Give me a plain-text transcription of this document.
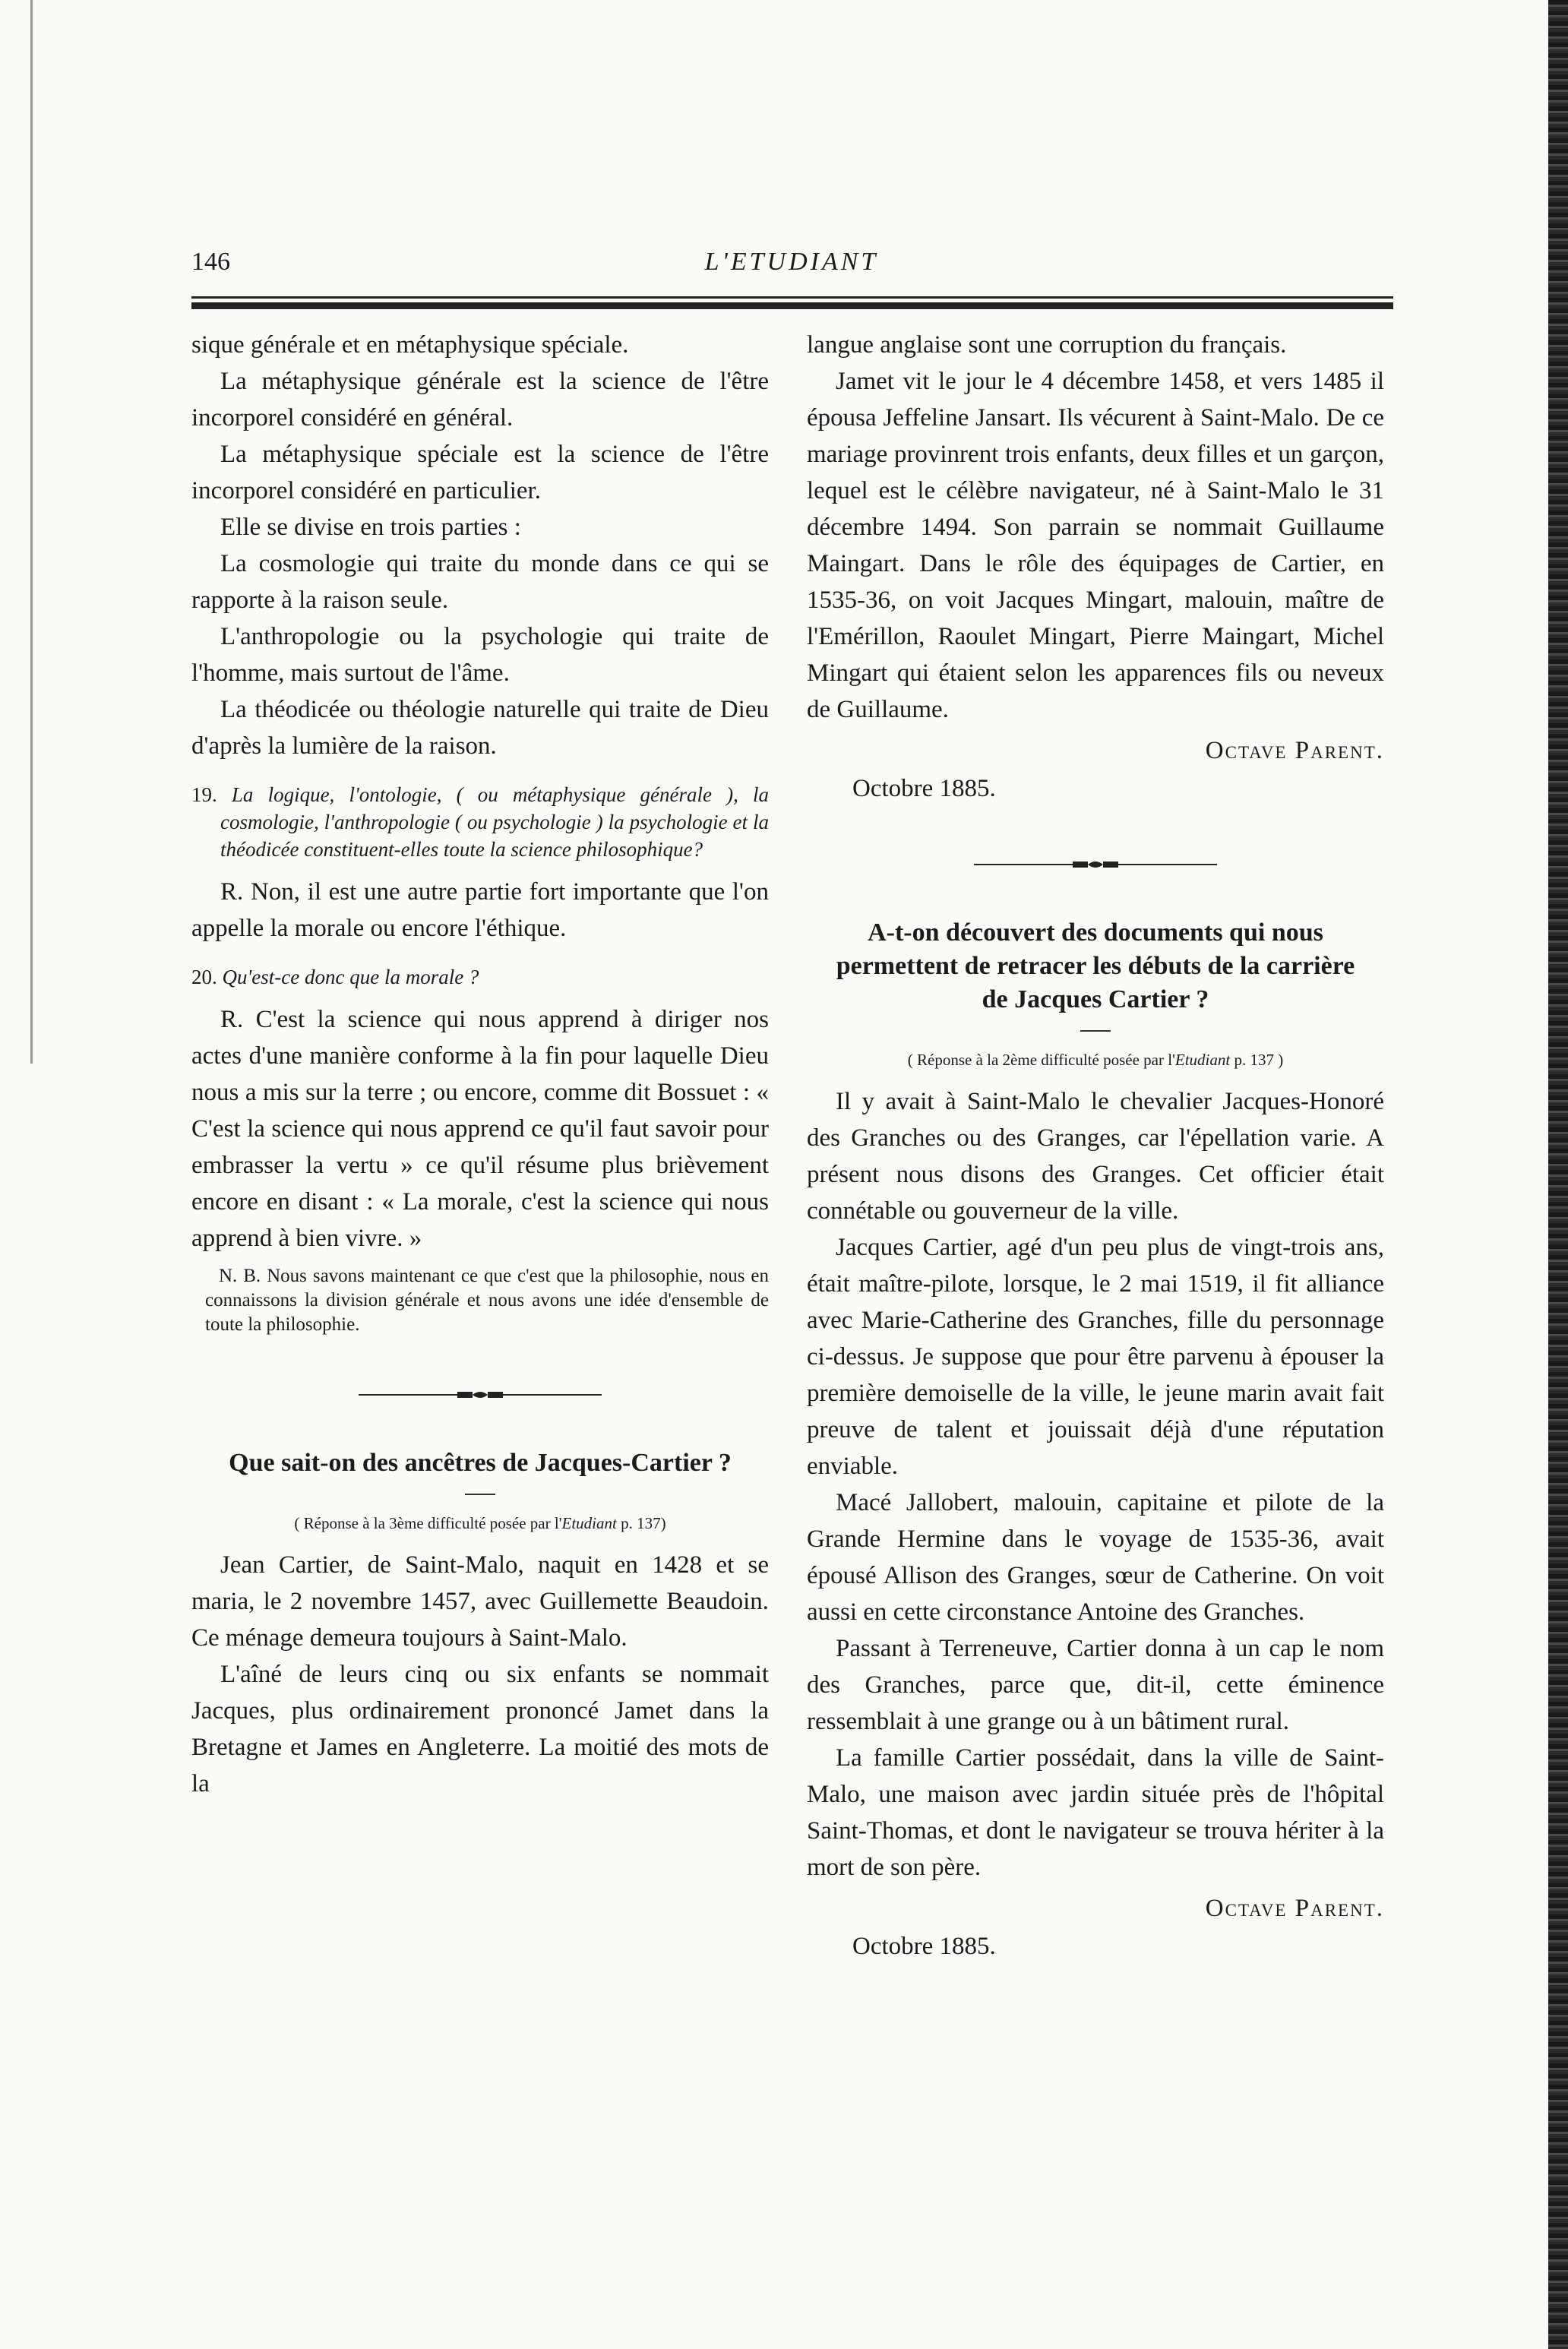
146	L'ETUDIANT

sique générale et en métaphysique spéciale.

La métaphysique générale est la science de l'être incorporel considéré en général.

La métaphysique spéciale est la science de l'être incorporel considéré en particulier.

Elle se divise en trois parties :

La cosmologie qui traite du monde dans ce qui se rapporte à la raison seule.

L'anthropologie ou la psychologie qui traite de l'homme, mais surtout de l'âme.

La théodicée ou théologie naturelle qui traite de Dieu d'après la lumière de la raison.

19. La logique, l'ontologie, ( ou métaphysique générale ), la cosmologie, l'anthropologie ( ou psychologie ) la psychologie et la théodicée constituent-elles toute la science philosophique?

R. Non, il est une autre partie fort importante que l'on appelle la morale ou encore l'éthique.

20. Qu'est-ce donc que la morale ?

R. C'est la science qui nous apprend à diriger nos actes d'une manière conforme à la fin pour laquelle Dieu nous a mis sur la terre ; ou encore, comme dit Bossuet : « C'est la science qui nous apprend ce qu'il faut savoir pour embrasser la vertu » ce qu'il résume plus brièvement encore en disant : « La morale, c'est la science qui nous apprend à bien vivre. »

N. B. Nous savons maintenant ce que c'est que la philosophie, nous en connaissons la division générale et nous avons une idée d'ensemble de toute la philosophie.

Que sait-on des ancêtres de Jacques-Cartier ?

( Réponse à la 3ème difficulté posée par l'Etudiant p. 137)

Jean Cartier, de Saint-Malo, naquit en 1428 et se maria, le 2 novembre 1457, avec Guillemette Beaudoin. Ce ménage demeura toujours à Saint-Malo.

L'aîné de leurs cinq ou six enfants se nommait Jacques, plus ordinairement prononcé Jamet dans la Bretagne et James en Angleterre. La moitié des mots de la

langue anglaise sont une corruption du français.

Jamet vit le jour le 4 décembre 1458, et vers 1485 il épousa Jeffeline Jansart. Ils vécurent à Saint-Malo. De ce mariage provinrent trois enfants, deux filles et un garçon, lequel est le célèbre navigateur, né à Saint-Malo le 31 décembre 1494. Son parrain se nommait Guillaume Maingart. Dans le rôle des équipages de Cartier, en 1535-36, on voit Jacques Mingart, malouin, maître de l'Emérillon, Raoulet Mingart, Pierre Maingart, Michel Mingart qui étaient selon les apparences fils ou neveux de Guillaume.

Octave Parent.

Octobre 1885.

A-t-on découvert des documents qui nous permettent de retracer les débuts de la carrière de Jacques Cartier ?

( Réponse à la 2ème difficulté posée par l'Etudiant p. 137 )

Il y avait à Saint-Malo le chevalier Jacques-Honoré des Granches ou des Granges, car l'épellation varie. A présent nous disons des Granges. Cet officier était connétable ou gouverneur de la ville.

Jacques Cartier, agé d'un peu plus de vingt-trois ans, était maître-pilote, lorsque, le 2 mai 1519, il fit alliance avec Marie-Catherine des Granches, fille du personnage ci-dessus. Je suppose que pour être parvenu à épouser la première demoiselle de la ville, le jeune marin avait fait preuve de talent et jouissait déjà d'une réputation enviable.

Macé Jallobert, malouin, capitaine et pilote de la Grande Hermine dans le voyage de 1535-36, avait épousé Allison des Granges, sœur de Catherine. On voit aussi en cette circonstance Antoine des Granches.

Passant à Terreneuve, Cartier donna à un cap le nom des Granches, parce que, dit-il, cette éminence ressemblait à une grange ou à un bâtiment rural.

La famille Cartier possédait, dans la ville de Saint-Malo, une maison avec jardin située près de l'hôpital Saint-Thomas, et dont le navigateur se trouva hériter à la mort de son père.

Octave Parent.

Octobre 1885.
